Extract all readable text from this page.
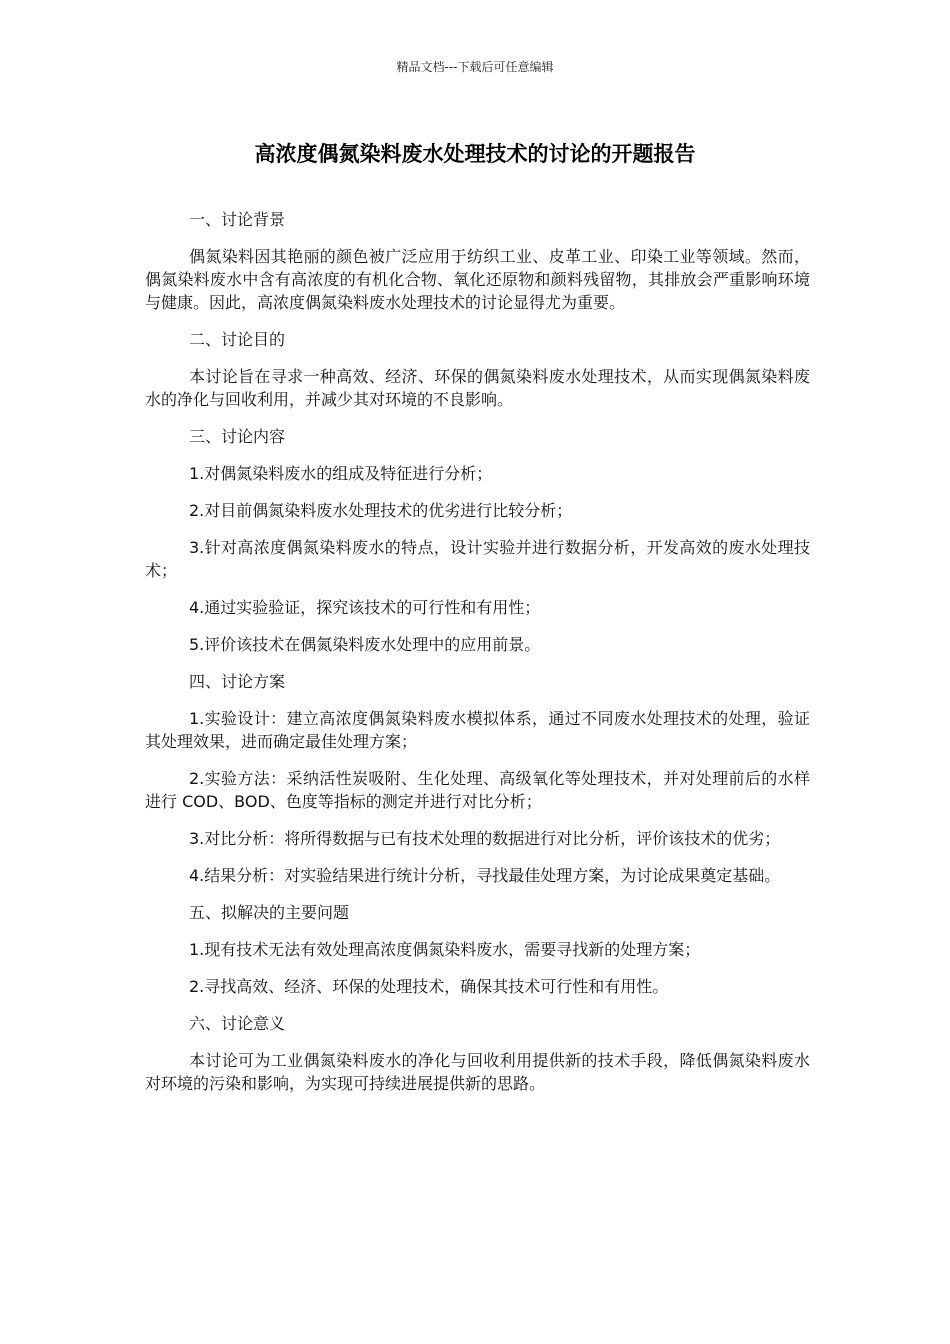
精品文档---下载后可任意编辑
高浓度偶氮染料废水处理技术的讨论的开题报告

一、讨论背景

偶氮染料因其艳丽的颜色被广泛应用于纺织工业、皮革工业、印染工业等领域。然而，偶氮染料废水中含有高浓度的有机化合物、氧化还原物和颜料残留物，其排放会严重影响环境与健康。因此，高浓度偶氮染料废水处理技术的讨论显得尤为重要。

二、讨论目的

本讨论旨在寻求一种高效、经济、环保的偶氮染料废水处理技术，从而实现偶氮染料废水的净化与回收利用，并减少其对环境的不良影响。

三、讨论内容

1.对偶氮染料废水的组成及特征进行分析；

2.对目前偶氮染料废水处理技术的优劣进行比较分析；

3.针对高浓度偶氮染料废水的特点，设计实验并进行数据分析，开发高效的废水处理技术；

4.通过实验验证，探究该技术的可行性和有用性；

5.评价该技术在偶氮染料废水处理中的应用前景。

四、讨论方案

1.实验设计：建立高浓度偶氮染料废水模拟体系，通过不同废水处理技术的处理，验证其处理效果，进而确定最佳处理方案；

2.实验方法：采纳活性炭吸附、生化处理、高级氧化等处理技术，并对处理前后的水样进行 COD、BOD、色度等指标的测定并进行对比分析；

3.对比分析：将所得数据与已有技术处理的数据进行对比分析，评价该技术的优劣；

4.结果分析：对实验结果进行统计分析，寻找最佳处理方案，为讨论成果奠定基础。

五、拟解决的主要问题

1.现有技术无法有效处理高浓度偶氮染料废水，需要寻找新的处理方案；

2.寻找高效、经济、环保的处理技术，确保其技术可行性和有用性。

六、讨论意义

本讨论可为工业偶氮染料废水的净化与回收利用提供新的技术手段，降低偶氮染料废水对环境的污染和影响，为实现可持续进展提供新的思路。
